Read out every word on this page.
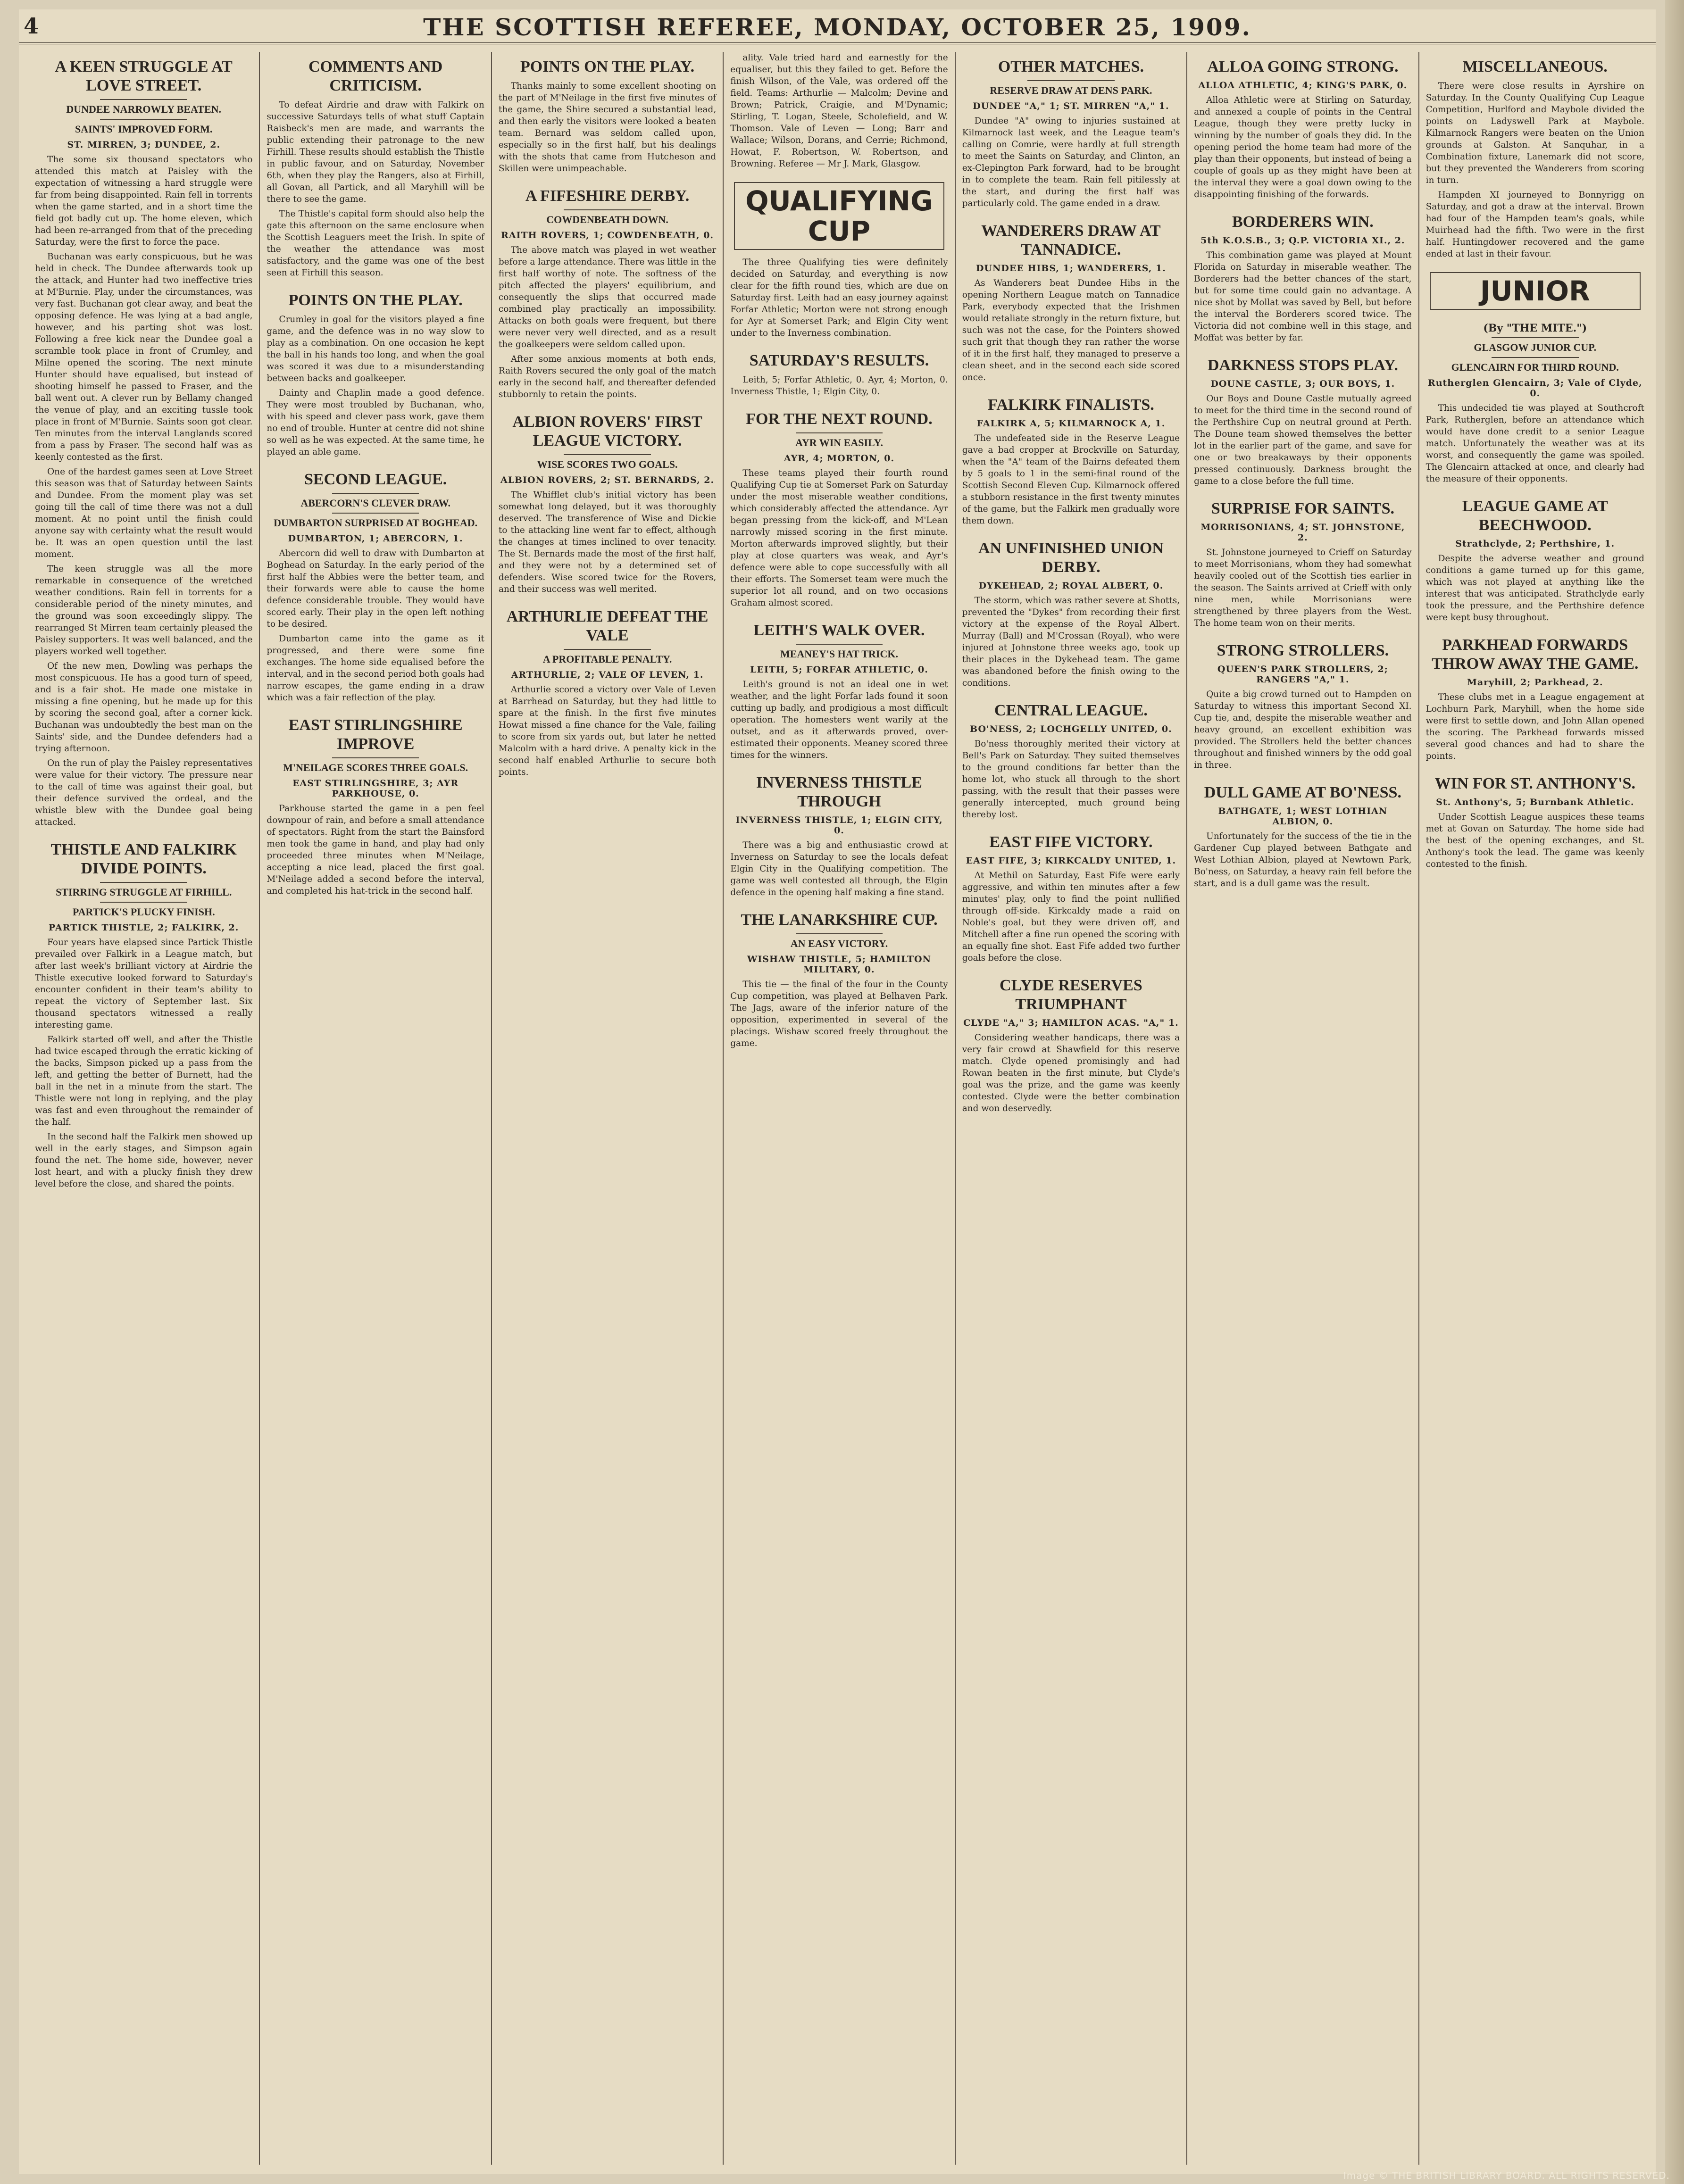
4	THE SCOTTISH REFEREE, MONDAY, OCTOBER 25, 1909.
A KEEN STRUGGLE AT LOVE STREET.
DUNDEE NARROWLY BEATEN.
SAINTS' IMPROVED FORM.
ST. MIRREN, 3; DUNDEE, 2.

The some six thousand spectators who attended this match at Paisley with the expectation of witnessing a hard struggle were far from being disappointed. Rain fell in torrents when the game started, and in a short time the field got badly cut up. The home eleven, which had been re-arranged from that of the preceding Saturday, were the first to force the pace.

Buchanan was early conspicuous, but he was held in check. The Dundee afterwards took up the attack, and Hunter had two ineffective tries at M'Burnie. Play, under the circumstances, was very fast. Buchanan got clear away, and beat the opposing defence. He was lying at a bad angle, however, and his parting shot was lost. Following a free kick near the Dundee goal a scramble took place in front of Crumley, and Milne opened the scoring. The next minute Hunter should have equalised, but instead of shooting himself he passed to Fraser, and the ball went out. A clever run by Bellamy changed the venue of play, and an exciting tussle took place in front of M'Burnie. Saints soon got clear. Ten minutes from the interval Langlands scored from a pass by Fraser. The second half was as keenly contested as the first.

One of the hardest games seen at Love Street this season was that of Saturday between Saints and Dundee. From the moment play was set going till the call of time there was not a dull moment. At no point until the finish could anyone say with certainty what the result would be. It was an open question until the last moment.

The keen struggle was all the more remarkable in consequence of the wretched weather conditions. Rain fell in torrents for a considerable period of the ninety minutes, and the ground was soon exceedingly slippy. The rearranged St Mirren team certainly pleased the Paisley supporters. It was well balanced, and the players worked well together.

Of the new men, Dowling was perhaps the most conspicuous. He has a good turn of speed, and is a fair shot. He made one mistake in missing a fine opening, but he made up for this by scoring the second goal, after a corner kick. Buchanan was undoubtedly the best man on the Saints' side, and the Dundee defenders had a trying afternoon.

On the run of play the Paisley representatives were value for their victory. The pressure near to the call of time was against their goal, but their defence survived the ordeal, and the whistle blew with the Dundee goal being attacked.

THISTLE AND FALKIRK DIVIDE POINTS.
STIRRING STRUGGLE AT FIRHILL.
PARTICK'S PLUCKY FINISH.
PARTICK THISTLE, 2; FALKIRK, 2.

Four years have elapsed since Partick Thistle prevailed over Falkirk in a League match, but after last week's brilliant victory at Airdrie the Thistle executive looked forward to Saturday's encounter confident in their team's ability to repeat the victory of September last. Six thousand spectators witnessed a really interesting game.

Falkirk started off well, and after the Thistle had twice escaped through the erratic kicking of the backs, Simpson picked up a pass from the left, and getting the better of Burnett, had the ball in the net in a minute from the start. The Thistle were not long in replying, and the play was fast and even throughout the remainder of the half.

In the second half the Falkirk men showed up well in the early stages, and Simpson again found the net. The home side, however, never lost heart, and with a plucky finish they drew level before the close, and shared the points.

COMMENTS AND CRITICISM.

To defeat Airdrie and draw with Falkirk on successive Saturdays tells of what stuff Captain Raisbeck's men are made, and warrants the public extending their patronage to the new Firhill. These results should establish the Thistle in public favour, and on Saturday, November 6th, when they play the Rangers, also at Firhill, all Govan, all Partick, and all Maryhill will be there to see the game.

The Thistle's capital form should also help the gate this afternoon on the same enclosure when the Scottish Leaguers meet the Irish. In spite of the weather the attendance was most satisfactory, and the game was one of the best seen at Firhill this season.

POINTS ON THE PLAY.

Crumley in goal for the visitors played a fine game, and the defence was in no way slow to play as a combination. On one occasion he kept the ball in his hands too long, and when the goal was scored it was due to a misunderstanding between backs and goalkeeper.

Dainty and Chaplin made a good defence. They were most troubled by Buchanan, who, with his speed and clever pass work, gave them no end of trouble. Hunter at centre did not shine so well as he was expected. At the same time, he played an able game.

SECOND LEAGUE.
ABERCORN'S CLEVER DRAW.
DUMBARTON SURPRISED AT BOGHEAD.
DUMBARTON, 1; ABERCORN, 1.

Abercorn did well to draw with Dumbarton at Boghead on Saturday. In the early period of the first half the Abbies were the better team, and their forwards were able to cause the home defence considerable trouble. They would have scored early. Their play in the open left nothing to be desired.

Dumbarton came into the game as it progressed, and there were some fine exchanges. The home side equalised before the interval, and in the second period both goals had narrow escapes, the game ending in a draw which was a fair reflection of the play.

EAST STIRLINGSHIRE IMPROVE
M'NEILAGE SCORES THREE GOALS.
EAST STIRLINGSHIRE, 3; AYR PARKHOUSE, 0.

Parkhouse started the game in a pen feel downpour of rain, and before a small attendance of spectators. Right from the start the Bainsford men took the game in hand, and play had only proceeded three minutes when M'Neilage, accepting a nice lead, placed the first goal. M'Neilage added a second before the interval, and completed his hat-trick in the second half.

POINTS ON THE PLAY.

Thanks mainly to some excellent shooting on the part of M'Neilage in the first five minutes of the game, the Shire secured a substantial lead, and then early the visitors were looked a beaten team. Bernard was seldom called upon, especially so in the first half, but his dealings with the shots that came from Hutcheson and Skillen were unimpeachable.

A FIFESHIRE DERBY.
COWDENBEATH DOWN.
RAITH ROVERS, 1; COWDENBEATH, 0.

The above match was played in wet weather before a large attendance. There was little in the first half worthy of note. The softness of the pitch affected the players' equilibrium, and consequently the slips that occurred made combined play practically an impossibility. Attacks on both goals were frequent, but there were never very well directed, and as a result the goalkeepers were seldom called upon.

After some anxious moments at both ends, Raith Rovers secured the only goal of the match early in the second half, and thereafter defended stubbornly to retain the points.

ALBION ROVERS' FIRST LEAGUE VICTORY.
WISE SCORES TWO GOALS.
ALBION ROVERS, 2; ST. BERNARDS, 2.

The Whifflet club's initial victory has been somewhat long delayed, but it was thoroughly deserved. The transference of Wise and Dickie to the attacking line went far to effect, although the changes at times inclined to over tenacity. The St. Bernards made the most of the first half, and they were not by a determined set of defenders. Wise scored twice for the Rovers, and their success was well merited.

ARTHURLIE DEFEAT THE VALE
A PROFITABLE PENALTY.
ARTHURLIE, 2; VALE OF LEVEN, 1.

Arthurlie scored a victory over Vale of Leven at Barrhead on Saturday, but they had little to spare at the finish. In the first five minutes Howat missed a fine chance for the Vale, failing to score from six yards out, but later he netted Malcolm with a hard drive. A penalty kick in the second half enabled Arthurlie to secure both points.

ality. Vale tried hard and earnestly for the equaliser, but this they failed to get. Before the finish Wilson, of the Vale, was ordered off the field. Teams: Arthurlie — Malcolm; Devine and Brown; Patrick, Craigie, and M'Dynamic; Stirling, T. Logan, Steele, Scholefield, and W. Thomson. Vale of Leven — Long; Barr and Wallace; Wilson, Dorans, and Cerrie; Richmond, Howat, F. Robertson, W. Robertson, and Browning. Referee — Mr J. Mark, Glasgow.

QUALIFYING CUP

The three Qualifying ties were definitely decided on Saturday, and everything is now clear for the fifth round ties, which are due on Saturday first. Leith had an easy journey against Forfar Athletic; Morton were not strong enough for Ayr at Somerset Park; and Elgin City went under to the Inverness combination.

SATURDAY'S RESULTS.

Leith, 5; Forfar Athletic, 0. Ayr, 4; Morton, 0. Inverness Thistle, 1; Elgin City, 0.

FOR THE NEXT ROUND.
AYR WIN EASILY.
AYR, 4; MORTON, 0.

These teams played their fourth round Qualifying Cup tie at Somerset Park on Saturday under the most miserable weather conditions, which considerably affected the attendance. Ayr began pressing from the kick-off, and M'Lean narrowly missed scoring in the first minute. Morton afterwards improved slightly, but their play at close quarters was weak, and Ayr's defence were able to cope successfully with all their efforts. The Somerset team were much the superior lot all round, and on two occasions Graham almost scored.

LEITH'S WALK OVER.
MEANEY'S HAT TRICK.
LEITH, 5; FORFAR ATHLETIC, 0.

Leith's ground is not an ideal one in wet weather, and the light Forfar lads found it soon cutting up badly, and prodigious a most difficult operation. The homesters went warily at the outset, and as it afterwards proved, over-estimated their opponents. Meaney scored three times for the winners.

INVERNESS THISTLE THROUGH
INVERNESS THISTLE, 1; ELGIN CITY, 0.

There was a big and enthusiastic crowd at Inverness on Saturday to see the locals defeat Elgin City in the Qualifying competition. The game was well contested all through, the Elgin defence in the opening half making a fine stand.

THE LANARKSHIRE CUP.
AN EASY VICTORY.
WISHAW THISTLE, 5; HAMILTON MILITARY, 0.

This tie — the final of the four in the County Cup competition, was played at Belhaven Park. The Jags, aware of the inferior nature of the opposition, experimented in several of the placings. Wishaw scored freely throughout the game.

OTHER MATCHES.
RESERVE DRAW AT DENS PARK.
DUNDEE "A," 1; ST. MIRREN "A," 1.

Dundee "A" owing to injuries sustained at Kilmarnock last week, and the League team's calling on Comrie, were hardly at full strength to meet the Saints on Saturday, and Clinton, an ex-Clepington Park forward, had to be brought in to complete the team. Rain fell pitilessly at the start, and during the first half was particularly cold. The game ended in a draw.

WANDERERS DRAW AT TANNADICE.
DUNDEE HIBS, 1; WANDERERS, 1.

As Wanderers beat Dundee Hibs in the opening Northern League match on Tannadice Park, everybody expected that the Irishmen would retaliate strongly in the return fixture, but such was not the case, for the Pointers showed such grit that though they ran rather the worse of it in the first half, they managed to preserve a clean sheet, and in the second each side scored once.

FALKIRK FINALISTS.
FALKIRK A, 5; KILMARNOCK A, 1.

The undefeated side in the Reserve League gave a bad cropper at Brockville on Saturday, when the "A" team of the Bairns defeated them by 5 goals to 1 in the semi-final round of the Scottish Second Eleven Cup. Kilmarnock offered a stubborn resistance in the first twenty minutes of the game, but the Falkirk men gradually wore them down.

AN UNFINISHED UNION DERBY.
DYKEHEAD, 2; ROYAL ALBERT, 0.

The storm, which was rather severe at Shotts, prevented the "Dykes" from recording their first victory at the expense of the Royal Albert. Murray (Ball) and M'Crossan (Royal), who were injured at Johnstone three weeks ago, took up their places in the Dykehead team. The game was abandoned before the finish owing to the conditions.

CENTRAL LEAGUE.
BO'NESS, 2; LOCHGELLY UNITED, 0.

Bo'ness thoroughly merited their victory at Bell's Park on Saturday. They suited themselves to the ground conditions far better than the home lot, who stuck all through to the short passing, with the result that their passes were generally intercepted, much ground being thereby lost.

EAST FIFE VICTORY.
EAST FIFE, 3; KIRKCALDY UNITED, 1.

At Methil on Saturday, East Fife were early aggressive, and within ten minutes after a few minutes' play, only to find the point nullified through off-side. Kirkcaldy made a raid on Noble's goal, but they were driven off, and Mitchell after a fine run opened the scoring with an equally fine shot. East Fife added two further goals before the close.

CLYDE RESERVES TRIUMPHANT
CLYDE "A," 3; HAMILTON ACAS. "A," 1.

Considering weather handicaps, there was a very fair crowd at Shawfield for this reserve match. Clyde opened promisingly and had Rowan beaten in the first minute, but Clyde's goal was the prize, and the game was keenly contested. Clyde were the better combination and won deservedly.

ALLOA GOING STRONG.
ALLOA ATHLETIC, 4; KING'S PARK, 0.

Alloa Athletic were at Stirling on Saturday, and annexed a couple of points in the Central League, though they were pretty lucky in winning by the number of goals they did. In the opening period the home team had more of the play than their opponents, but instead of being a couple of goals up as they might have been at the interval they were a goal down owing to the disappointing finishing of the forwards.

BORDERERS WIN.
5th K.O.S.B., 3; Q.P. VICTORIA XI., 2.

This combination game was played at Mount Florida on Saturday in miserable weather. The Borderers had the better chances of the start, but for some time could gain no advantage. A nice shot by Mollat was saved by Bell, but before the interval the Borderers scored twice. The Victoria did not combine well in this stage, and Moffat was better by far.

DARKNESS STOPS PLAY.
DOUNE CASTLE, 3; OUR BOYS, 1.

Our Boys and Doune Castle mutually agreed to meet for the third time in the second round of the Perthshire Cup on neutral ground at Perth. The Doune team showed themselves the better lot in the earlier part of the game, and save for one or two breakaways by their opponents pressed continuously. Darkness brought the game to a close before the full time.

SURPRISE FOR SAINTS.
MORRISONIANS, 4; ST. JOHNSTONE, 2.

St. Johnstone journeyed to Crieff on Saturday to meet Morrisonians, whom they had somewhat heavily cooled out of the Scottish ties earlier in the season. The Saints arrived at Crieff with only nine men, while Morrisonians were strengthened by three players from the West. The home team won on their merits.

STRONG STROLLERS.
QUEEN'S PARK STROLLERS, 2; RANGERS "A," 1.

Quite a big crowd turned out to Hampden on Saturday to witness this important Second XI. Cup tie, and, despite the miserable weather and heavy ground, an excellent exhibition was provided. The Strollers held the better chances throughout and finished winners by the odd goal in three.

DULL GAME AT BO'NESS.
BATHGATE, 1; WEST LOTHIAN ALBION, 0.

Unfortunately for the success of the tie in the Gardener Cup played between Bathgate and West Lothian Albion, played at Newtown Park, Bo'ness, on Saturday, a heavy rain fell before the start, and is a dull game was the result.

MISCELLANEOUS.

There were close results in Ayrshire on Saturday. In the County Qualifying Cup League Competition, Hurlford and Maybole divided the points on Ladyswell Park at Maybole. Kilmarnock Rangers were beaten on the Union grounds at Galston. At Sanquhar, in a Combination fixture, Lanemark did not score, but they prevented the Wanderers from scoring in turn.

Hampden XI journeyed to Bonnyrigg on Saturday, and got a draw at the interval. Brown had four of the Hampden team's goals, while Muirhead had the fifth. Two were in the first half. Huntingdower recovered and the game ended at last in their favour.

JUNIOR
(By "THE MITE.")
GLASGOW JUNIOR CUP.
GLENCAIRN FOR THIRD ROUND.
Rutherglen Glencairn, 3; Vale of Clyde, 0.

This undecided tie was played at Southcroft Park, Rutherglen, before an attendance which would have done credit to a senior League match. Unfortunately the weather was at its worst, and consequently the game was spoiled. The Glencairn attacked at once, and clearly had the measure of their opponents.

LEAGUE GAME AT BEECHWOOD.
Strathclyde, 2; Perthshire, 1.

Despite the adverse weather and ground conditions a game turned up for this game, which was not played at anything like the interest that was anticipated. Strathclyde early took the pressure, and the Perthshire defence were kept busy throughout.

PARKHEAD FORWARDS THROW AWAY THE GAME.
Maryhill, 2; Parkhead, 2.

These clubs met in a League engagement at Lochburn Park, Maryhill, when the home side were first to settle down, and John Allan opened the scoring. The Parkhead forwards missed several good chances and had to share the points.

WIN FOR ST. ANTHONY'S.
St. Anthony's, 5; Burnbank Athletic.

Under Scottish League auspices these teams met at Govan on Saturday. The home side had the best of the opening exchanges, and St. Anthony's took the lead. The game was keenly contested to the finish.

Image © THE BRITISH LIBRARY BOARD. ALL RIGHTS RESERVED.
